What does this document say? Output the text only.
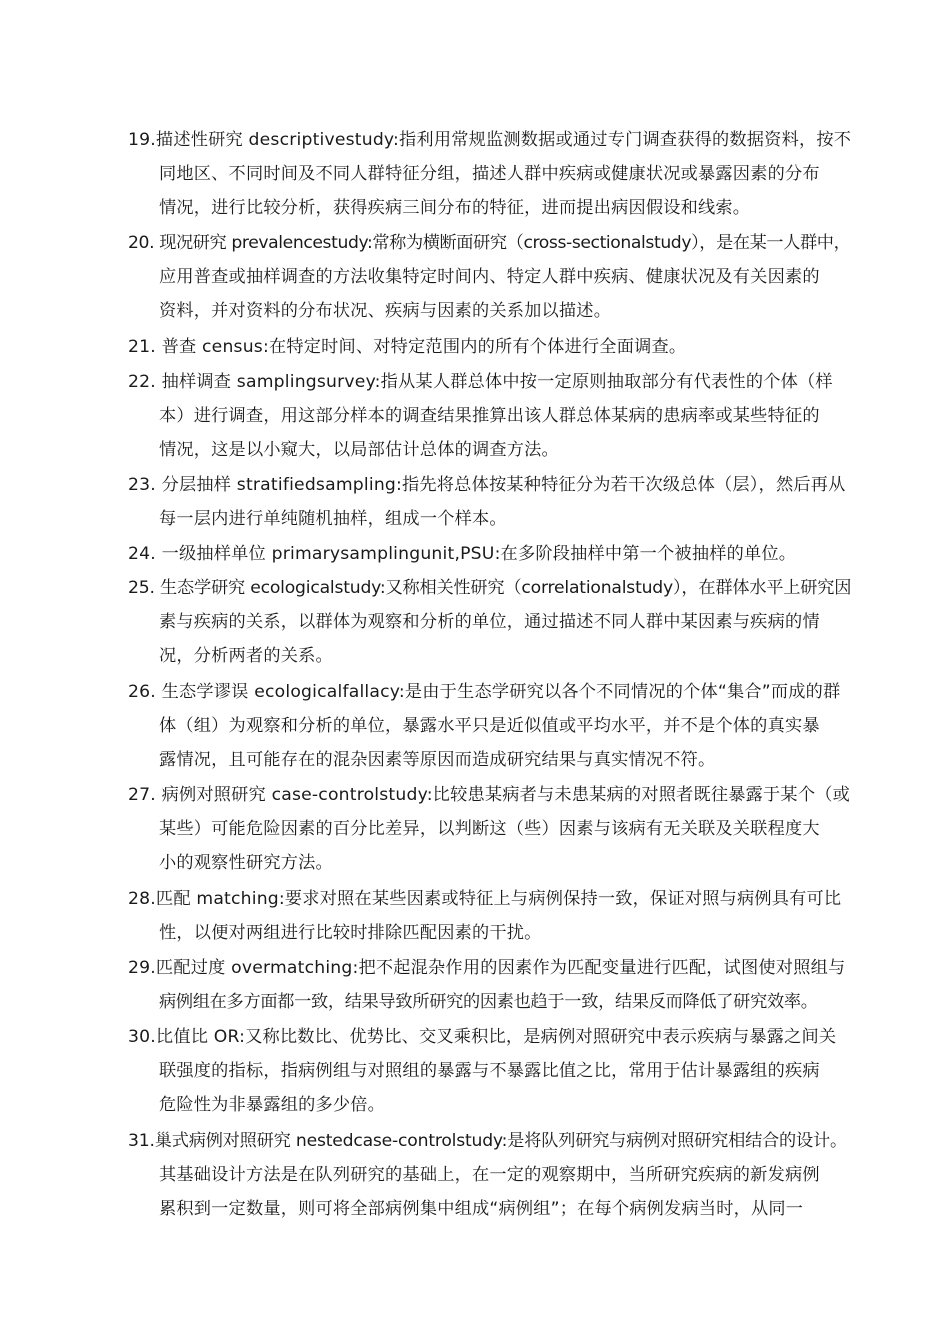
19.描述性研究 descriptivestudy:指利用常规监测数据或通过专门调查获得的数据资料，按不
同地区、不同时间及不同人群特征分组，描述人群中疾病或健康状况或暴露因素的分布
情况，进行比较分析，获得疾病三间分布的特征，进而提出病因假设和线索。
20. 现况研究 prevalencestudy:常称为横断面研究（cross-sectionalstudy），是在某一人群中，
应用普查或抽样调查的方法收集特定时间内、特定人群中疾病、健康状况及有关因素的
资料，并对资料的分布状况、疾病与因素的关系加以描述。
21. 普查 census:在特定时间、对特定范围内的所有个体进行全面调查。
22. 抽样调查 samplingsurvey:指从某人群总体中按一定原则抽取部分有代表性的个体（样
本）进行调查，用这部分样本的调查结果推算出该人群总体某病的患病率或某些特征的
情况，这是以小窥大，以局部估计总体的调查方法。
23. 分层抽样 stratifiedsampling:指先将总体按某种特征分为若干次级总体（层），然后再从
每一层内进行单纯随机抽样，组成一个样本。
24. 一级抽样单位 primarysamplingunit,PSU:在多阶段抽样中第一个被抽样的单位。
25. 生态学研究 ecologicalstudy:又称相关性研究（correlationalstudy），在群体水平上研究因
素与疾病的关系，以群体为观察和分析的单位，通过描述不同人群中某因素与疾病的情
况，分析两者的关系。
26. 生态学谬误 ecologicalfallacy:是由于生态学研究以各个不同情况的个体“集合”而成的群
体（组）为观察和分析的单位，暴露水平只是近似值或平均水平，并不是个体的真实暴
露情况，且可能存在的混杂因素等原因而造成研究结果与真实情况不符。
27. 病例对照研究 case-controlstudy:比较患某病者与未患某病的对照者既往暴露于某个（或
某些）可能危险因素的百分比差异，以判断这（些）因素与该病有无关联及关联程度大
小的观察性研究方法。
28.匹配 matching:要求对照在某些因素或特征上与病例保持一致，保证对照与病例具有可比
性，以便对两组进行比较时排除匹配因素的干扰。
29.匹配过度 overmatching:把不起混杂作用的因素作为匹配变量进行匹配，试图使对照组与
病例组在多方面都一致，结果导致所研究的因素也趋于一致，结果反而降低了研究效率。
30.比值比 OR:又称比数比、优势比、交叉乘积比，是病例对照研究中表示疾病与暴露之间关
联强度的指标，指病例组与对照组的暴露与不暴露比值之比，常用于估计暴露组的疾病
危险性为非暴露组的多少倍。
31.巢式病例对照研究 nestedcase-controlstudy:是将队列研究与病例对照研究相结合的设计。
其基础设计方法是在队列研究的基础上，在一定的观察期中，当所研究疾病的新发病例
累积到一定数量，则可将全部病例集中组成“病例组”；在每个病例发病当时，从同一
